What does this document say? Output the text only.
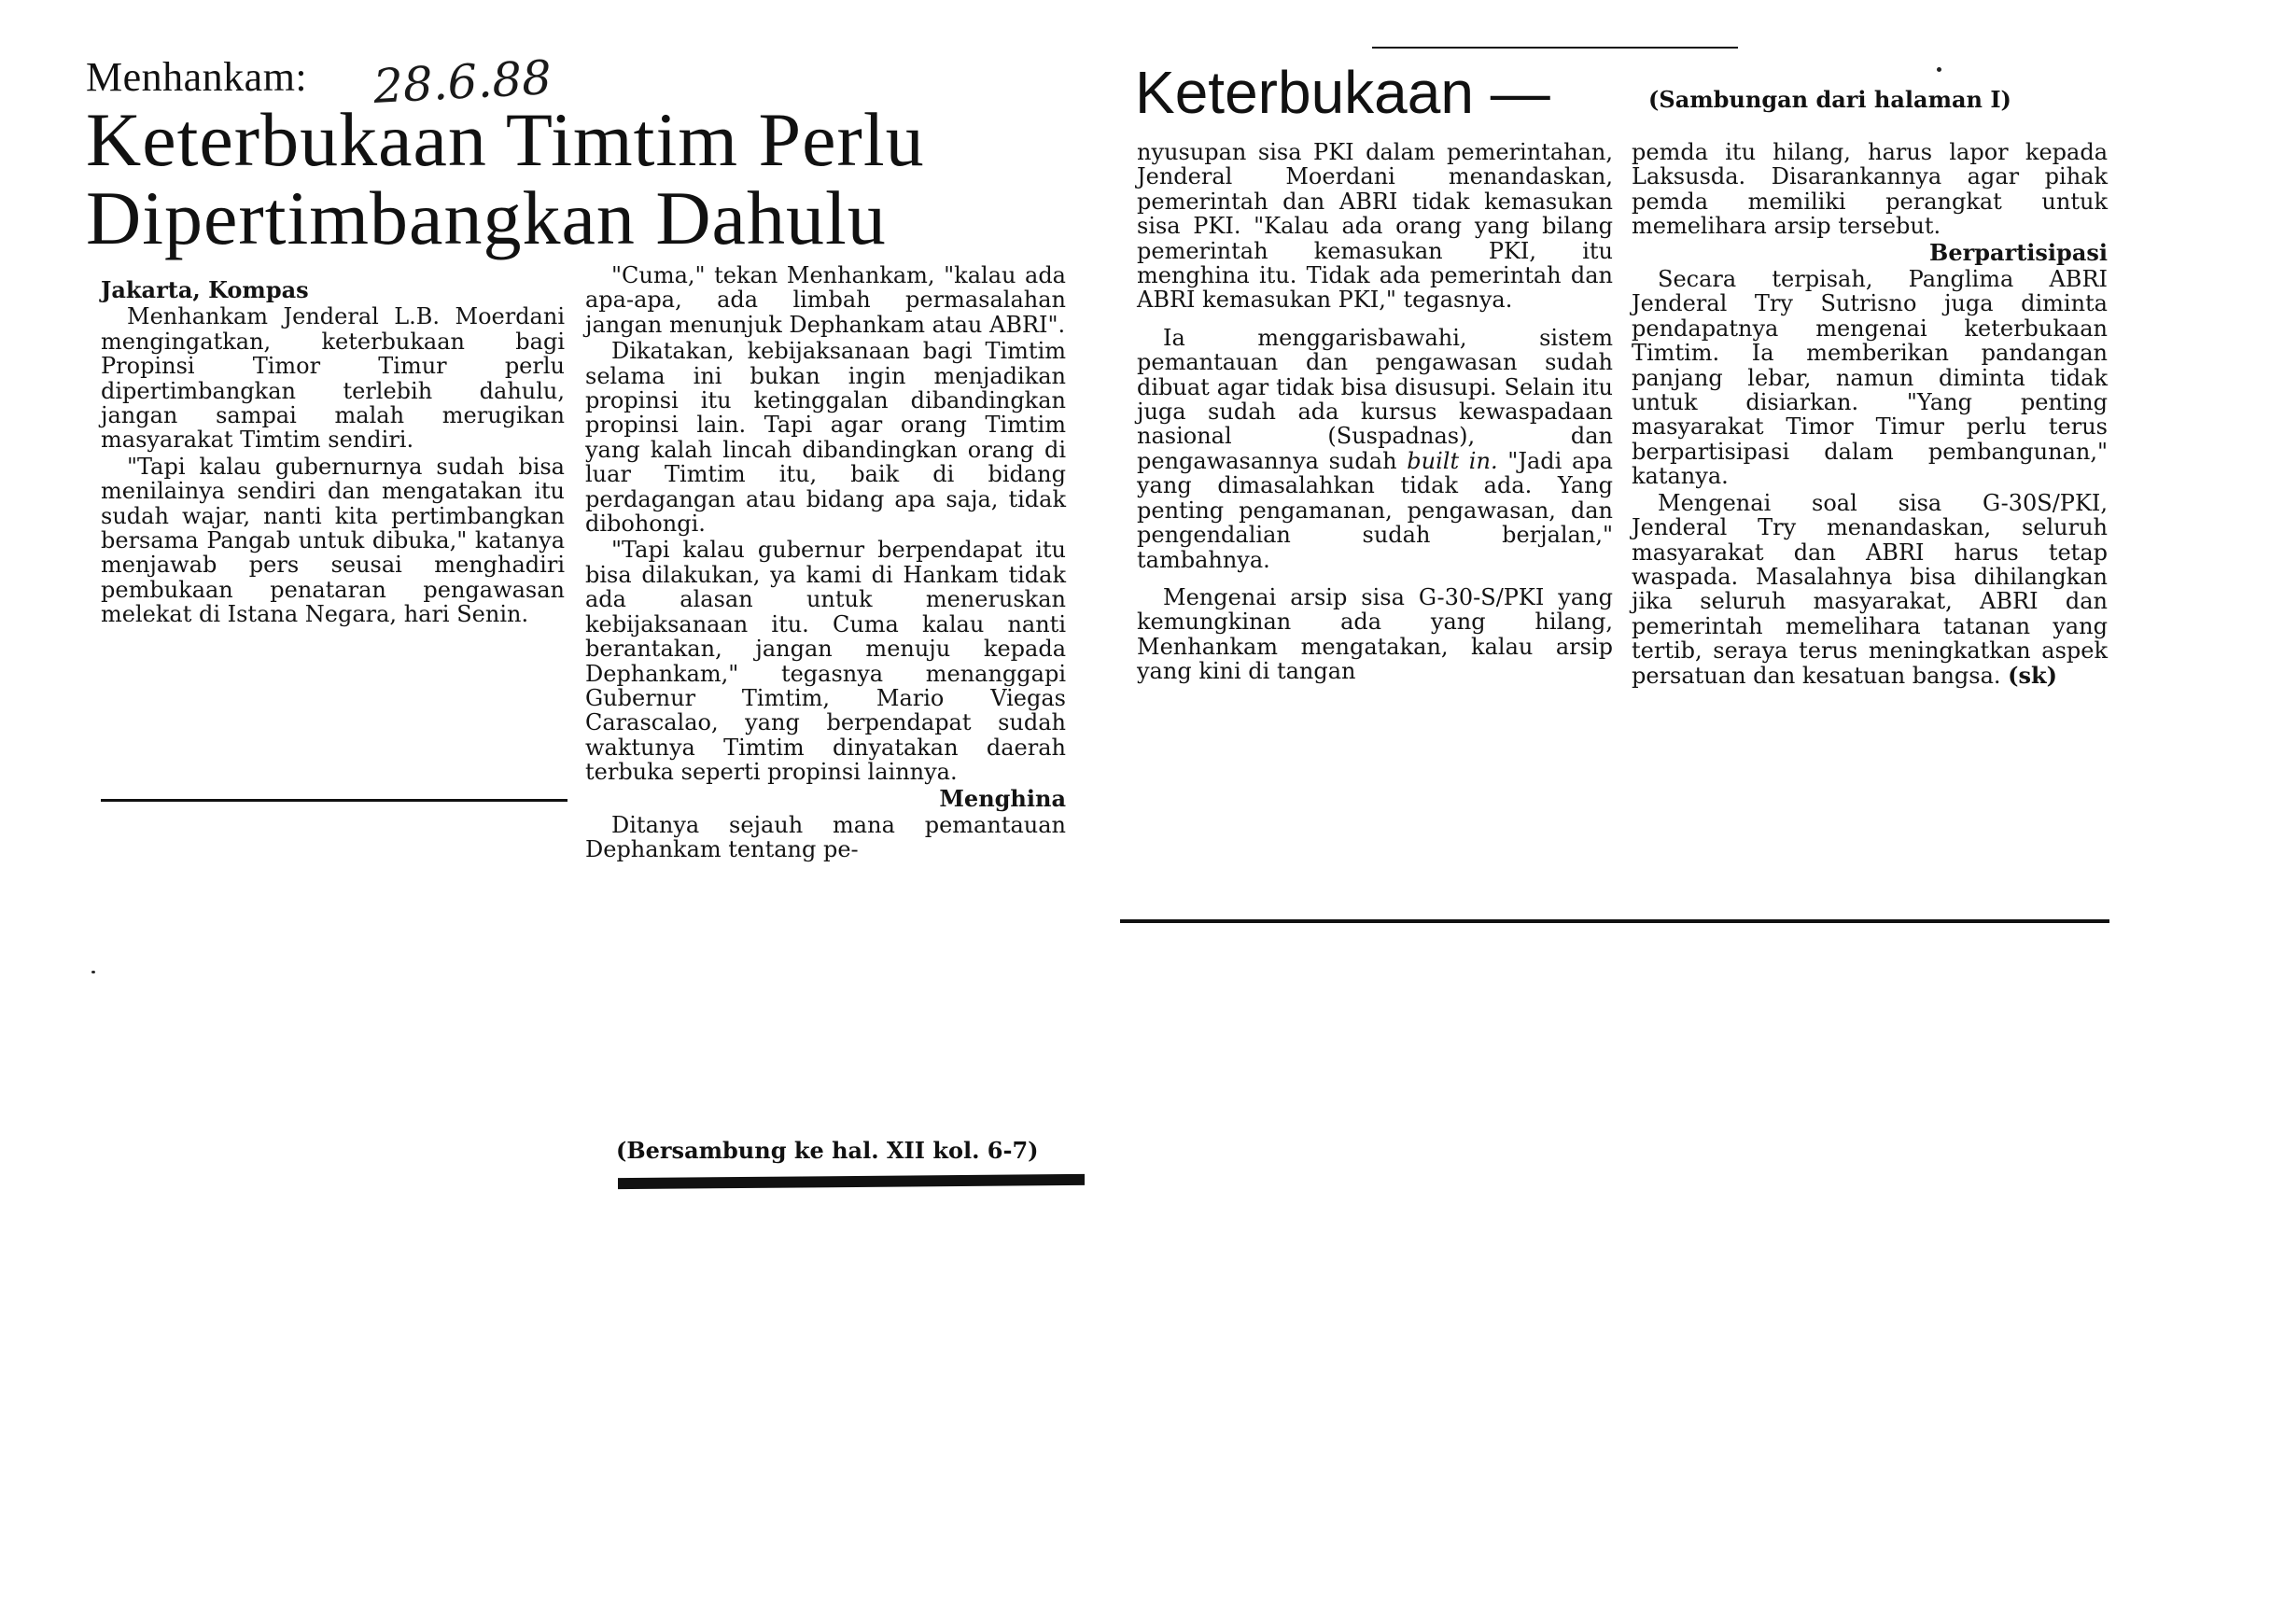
Menhankam: 28.6.88
Keterbukaan Timtim Perlu
Dipertimbangkan Dahulu

Jakarta, Kompas

Menhankam Jenderal L.B. Moerdani mengingatkan, keterbukaan bagi Propinsi Timor Timur perlu dipertimbangkan terlebih dahulu, jangan sampai malah merugikan masyarakat Timtim sendiri.

"Tapi kalau gubernurnya sudah bisa menilainya sendiri dan mengatakan itu sudah wajar, nanti kita pertimbangkan bersama Pangab untuk dibuka," katanya menjawab pers seusai menghadiri pembukaan penataran pengawasan melekat di Istana Negara, hari Senin.

"Cuma," tekan Menhankam, "kalau ada apa-apa, ada limbah permasalahan jangan menunjuk Dephankam atau ABRI".

Dikatakan, kebijaksanaan bagi Timtim selama ini bukan ingin menjadikan propinsi itu ketinggalan dibandingkan propinsi lain. Tapi agar orang Timtim yang kalah lincah dibandingkan orang di luar Timtim itu, baik di bidang perdagangan atau bidang apa saja, tidak dibohongi.

"Tapi kalau gubernur berpendapat itu bisa dilakukan, ya kami di Hankam tidak ada alasan untuk meneruskan kebijaksanaan itu. Cuma kalau nanti berantakan, jangan menuju kepada Dephankam," tegasnya menanggapi Gubernur Timtim, Mario Viegas Carascalao, yang berpendapat sudah waktunya Timtim dinyatakan daerah terbuka seperti propinsi lainnya.

Menghina

Ditanya sejauh mana pemantauan Dephankam tentang pe-

(Bersambung ke hal. XII kol. 6-7)
Keterbukaan —	(Sambungan dari halaman I)

nyusupan sisa PKI dalam pemerintahan, Jenderal Moerdani menandaskan, pemerintah dan ABRI tidak kemasukan sisa PKI. "Kalau ada orang yang bilang pemerintah kemasukan PKI, itu menghina itu. Tidak ada pemerintah dan ABRI kemasukan PKI," tegasnya.

Ia menggarisbawahi, sistem pemantauan dan pengawasan sudah dibuat agar tidak bisa disusupi. Selain itu juga sudah ada kursus kewaspadaan nasional (Suspadnas), dan pengawasannya sudah built in. "Jadi apa yang dimasalahkan tidak ada. Yang penting pengamanan, pengawasan, dan pengendalian sudah berjalan," tambahnya.

Mengenai arsip sisa G-30-S/PKI yang kemungkinan ada yang hilang, Menhankam mengatakan, kalau arsip yang kini di tangan

pemda itu hilang, harus lapor kepada Laksusda. Disarankannya agar pihak pemda memiliki perangkat untuk memelihara arsip tersebut.

Berpartisipasi

Secara terpisah, Panglima ABRI Jenderal Try Sutrisno juga diminta pendapatnya mengenai keterbukaan Timtim. Ia memberikan pandangan panjang lebar, namun diminta tidak untuk disiarkan. "Yang penting masyarakat Timor Timur perlu terus berpartisipasi dalam pembangunan," katanya.

Mengenai soal sisa G-30S/PKI, Jenderal Try menandaskan, seluruh masyarakat dan ABRI harus tetap waspada. Masalahnya bisa dihilangkan jika seluruh masyarakat, ABRI dan pemerintah memelihara tatanan yang tertib, seraya terus meningkatkan aspek persatuan dan kesatuan bangsa. (sk)
